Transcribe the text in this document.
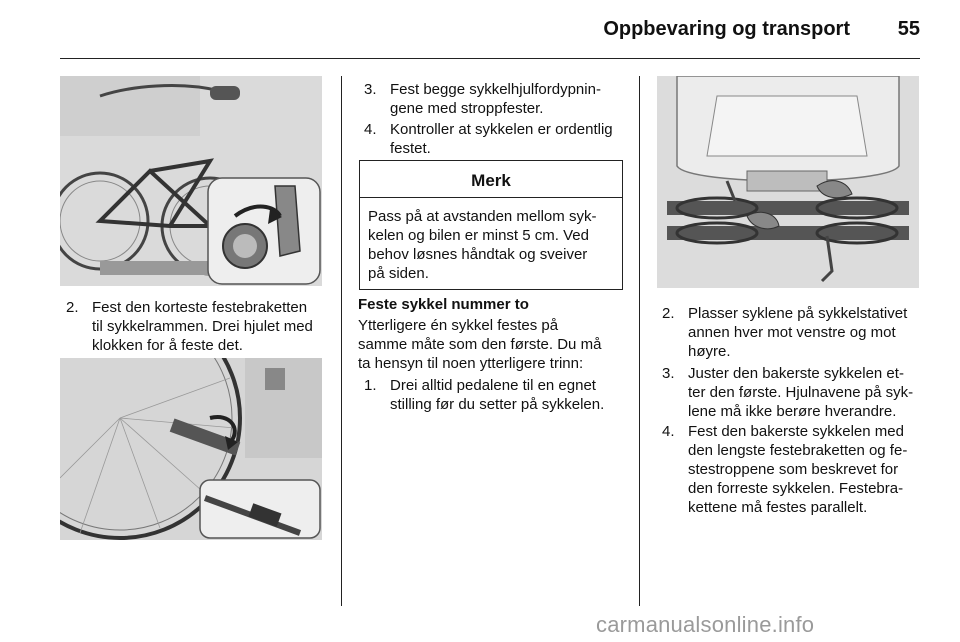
Oppbevaring og transport	55
2. Fest den korteste festebraketten
til sykkelrammen. Drei hjulet med
klokken for å feste det.
3. Fest begge sykkelhjulfordypnin-
gene med stroppfester.
4. Kontroller at sykkelen er ordentlig
festet.
Merk
Pass på at avstanden mellom syk-
kelen og bilen er minst 5 cm. Ved
behov løsnes håndtak og sveiver
på siden.
Feste sykkel nummer to
Ytterligere én sykkel festes på
samme måte som den første. Du må
ta hensyn til noen ytterligere trinn:
1. Drei alltid pedalene til en egnet
stilling før du setter på sykkelen.
2. Plasser syklene på sykkelstativet
annen hver mot venstre og mot
høyre.
3. Juster den bakerste sykkelen et-
ter den første. Hjulnavene på syk-
lene må ikke berøre hverandre.
4. Fest den bakerste sykkelen med
den lengste festebraketten og fe-
stestroppene som beskrevet for
den forreste sykkelen. Festebra-
kettene må festes parallelt.
carmanualsonline.info
